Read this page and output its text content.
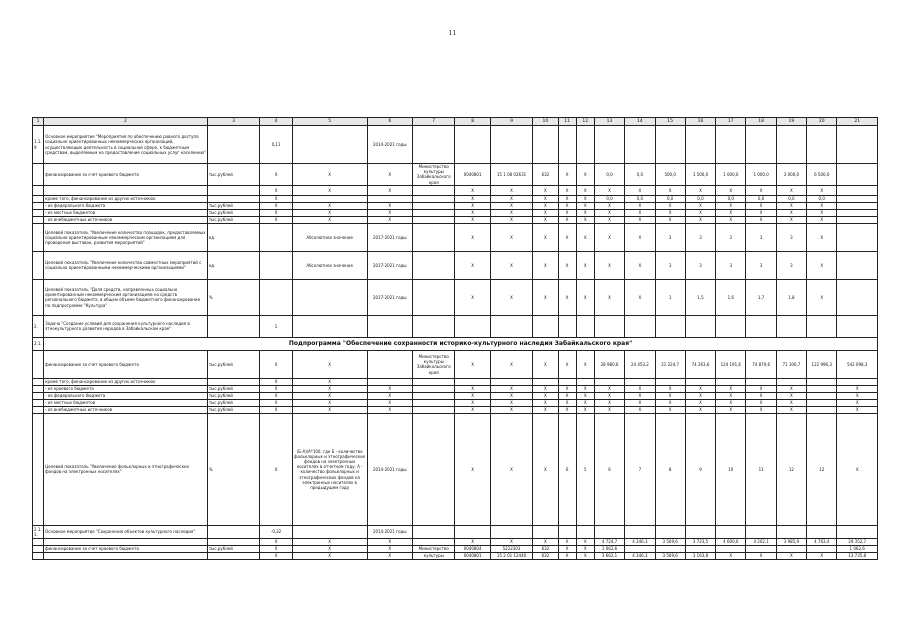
11
1	2	3	4	5	6	7	8	9	10	11	12	13	14	15	16	17	18	19	20	21
1.1.9	Основное мероприятие "Мероприятия по обеспечению равного доступа социально ориентированных некоммерческих организаций, осуществляющих деятельность в социальной сфере, к бюджетным средствам, выделяемым на предоставление социальных услуг населению"		0,11		2014-2021 годы															
	финансирование за счет краевого бюджета	тыс.рублей	Х	Х	Х	Министерство культуры Забайкальского края	0040801	15 1 08 02631	632	Х	Х	0,0	0,0	500,0	1 500,0	1 000,0	1 000,0	3 000,0	6 500,0	
			Х	Х	Х		Х	Х	Х	Х	Х	Х	Х	Х	Х	Х	Х	Х	Х	
	кроме того, финансирование из других источников:		Х				Х	Х	Х	Х	Х	0,0	0,0	0,0	0,0	0,0	0,0	0,0	0,0	
	- из федерального бюджета	тыс.рублей	Х	Х	Х		Х	Х	Х	Х	Х	Х	Х	Х	Х	Х	Х	Х	Х	
	- из местных бюджетов	тыс.рублей	Х	Х	Х		Х	Х	Х	Х	Х	Х	Х	Х	Х	Х	Х	Х	Х	
	- из внебюджетных источников	тыс.рублей	Х	Х	Х		Х	Х	Х	Х	Х	Х	Х	Х	Х	Х	Х	Х	Х	
	Целевой показатель "Увеличение количества площадок, предоставляемых социально ориентированным некоммерческим организациям для проведения выставок, развития мероприятий"	ед.		Абсолютное значение	2017-2021 годы		Х	Х	Х	Х	Х	Х	Х	3	3	3	3	3	Х	
	Целевой показатель "Увеличение количества совместных мероприятий с социально ориентированными некоммерческими организациями"	ед.		Абсолютное значение	2017-2021 годы		Х	Х	Х	Х	Х	Х	Х	3	3	3	3	3	Х	
	Целевой показатель "Доля средств, направленных социально ориентированным некоммерческим организациям на средств регионального бюджета, в общем объеме бюджетного финансирования по подпрограмме "Культура"	%			2017-2021 годы		Х	Х	Х	Х	Х	Х	Х	1	1,5	1,6	1,7	1,8	Х	
2.	Задача "Создание условий для сохранения культурного наследия в этнокультурного развития народов в Забайкальском крае"		1																	
2.1.	Подпрограмма "Обеспечение сохранности историко-культурного наследия Забайкальского края"																			
	финансирование за счет краевого бюджета	тыс.рублей	Х	Х		Министерство культуры Забайкальского края	Х	Х	Х	Х	Х	28 980,6	24 453,2	21 224,7	74 263,6	124 191,6	74 879,6	71 106,7	122 996,3	542 098,3
	кроме того, финансирование из других источников:		Х	Х																
	- из краевого бюджета	тыс.рублей	Х	Х	Х		Х	Х	Х	Х	Х	Х	Х	Х	Х	Х	Х	Х		Х
	- из федерального бюджета	тыс.рублей	Х	Х	Х		Х	Х	Х	Х	Х	Х	Х	Х	Х	Х	Х	Х		Х
	- из местных бюджетов	тыс.рублей	Х	Х	Х		Х	Х	Х	Х	Х	Х	Х	Х	Х	Х	Х	Х		Х
	- из внебюджетных источников	тыс.рублей	Х	Х	Х		Х	Х	Х	Х	Х	Х	Х	Х	Х	Х	Х	Х		Х
	Целевой показатель "Увеличение фольклорных и этнографических фондов на электронных носителях"	%	Х	(Б-А)/А*100, где Б - количество фольклорных и этнографических фондов на электронных носителях в отчетном году; А - количество фольклорных и этнографических фондов на электронных носителях в предыдущем году	2014-2021 годы		Х	Х	Х	6	5	6	7	8	9	10	11	12	12	Х
2.1.1.	Основное мероприятие "Сохранение объектов культурного наследия"		-0,32		2014-2021 годы															
			Х	Х	Х		Х	Х	Х	Х	Х	4 724,7	4 346,3	3 569,6	3 723,5	4 600,0	4 202,1	3 985,9	4 763,4	29 352,7
	финансирование за счет краевого бюджета	тыс.рублей	Х	Х	Х	Министерство	0040804	5222303	632	Х	Х	1 062,6								1 062,6
			Х	Х	Х	культуры	0040801	15 2 01 12440	632	Х	Х	3 662,1	4 346,3	3 569,6	3 163,8	Х	Х	Х	Х	13 735,8
